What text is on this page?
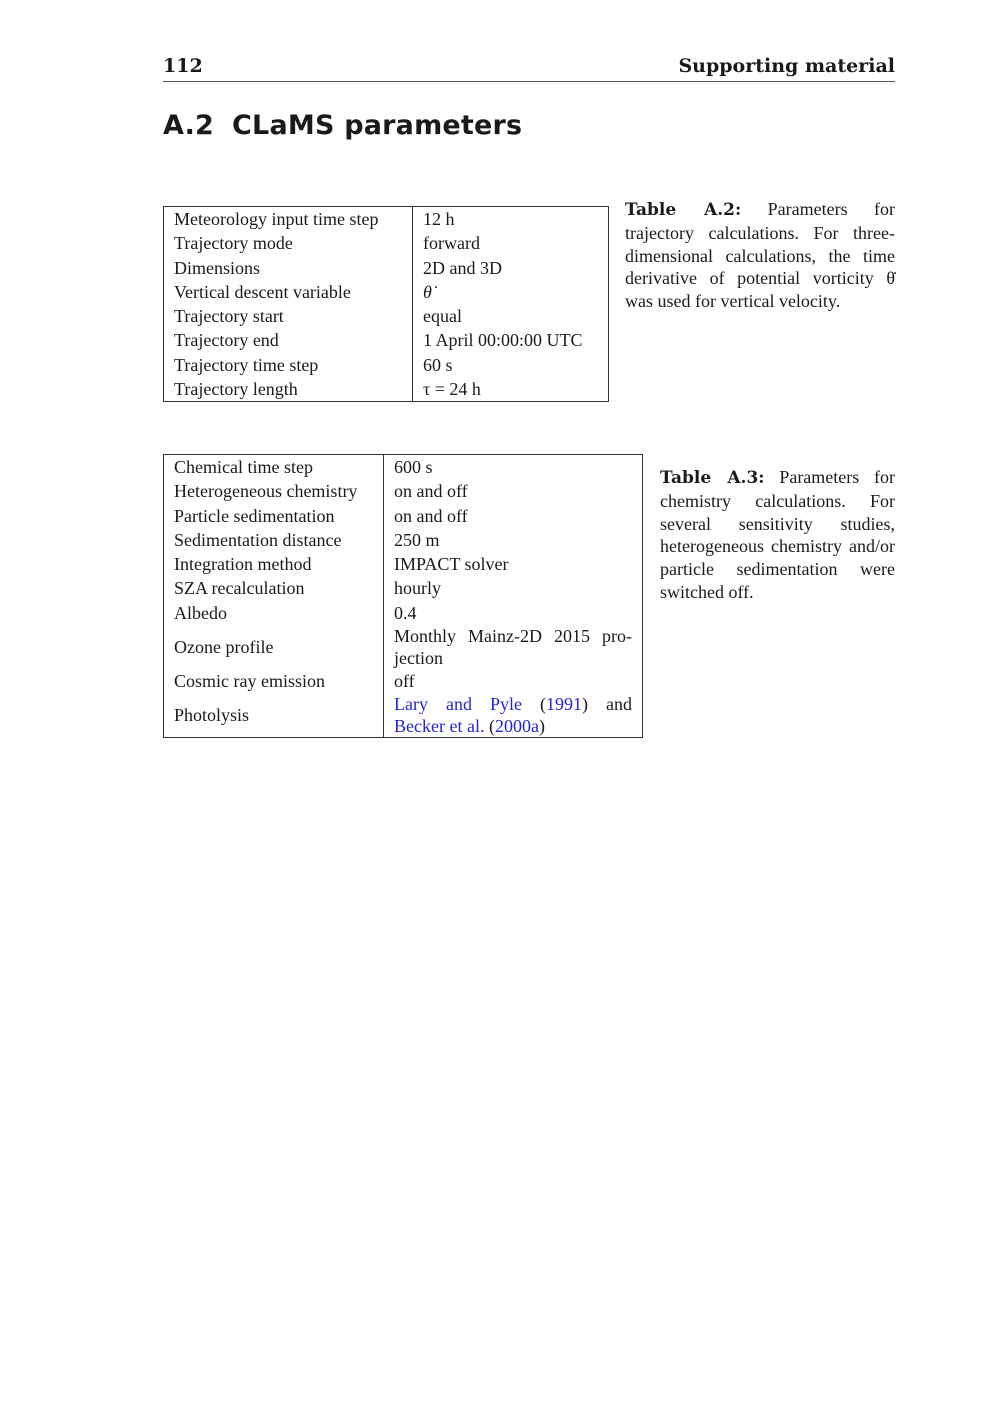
112	Supporting material
A.2 CLaMS parameters
Meteorology input time step	12 h
Trajectory mode	forward
Dimensions	2D and 3D
Vertical descent variable	θ̇
Trajectory start	equal
Trajectory end	1 April 00:00:00 UTC
Trajectory time step	60 s
Trajectory length	τ = 24 h
Table A.2: Parameters for trajectory calculations. For three-dimensional calculations, the time derivative of potential vorticity θ̇ was used for vertical velocity.
Chemical time step	600 s
Heterogeneous chemistry	on and off
Particle sedimentation	on and off
Sedimentation distance	250 m
Integration method	IMPACT solver
SZA recalculation	hourly
Albedo	0.4
Ozone profile	Monthly Mainz-2D 2015 pro-
jection

Cosmic ray emission	off
Photolysis	Lary and Pyle (1991) and
Becker et al. (2000a)
Table A.3: Parameters for chemistry calculations. For several sensitivity studies, heterogeneous chemistry and/or particle sedimentation were switched off.
